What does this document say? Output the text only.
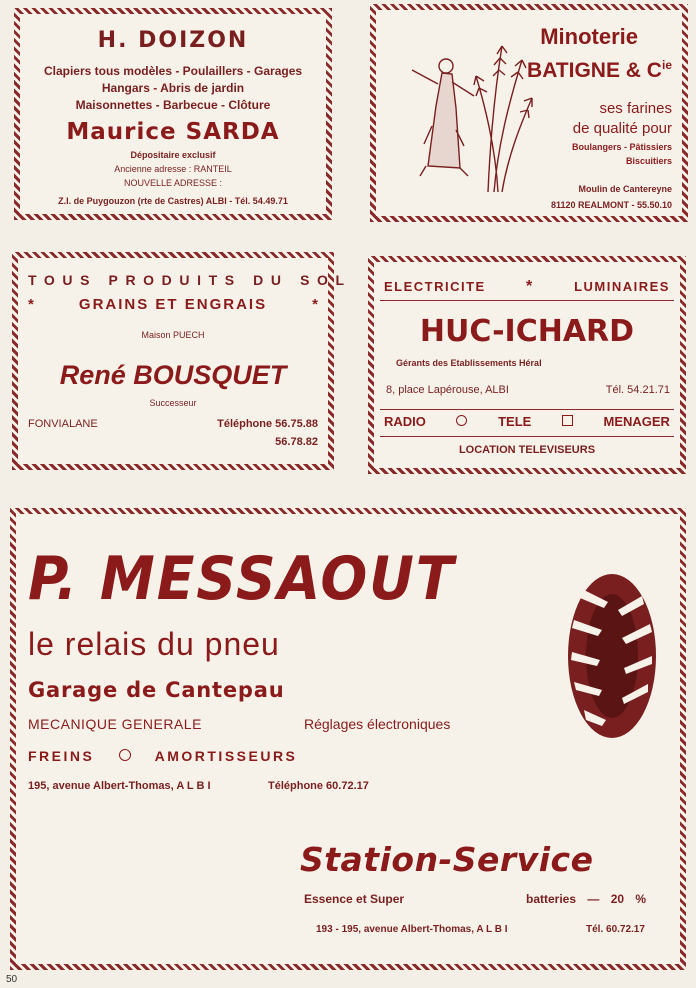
H. DOIZON
Clapiers tous modèles - Poulaillers - Garages
Hangars - Abris de jardin
Maisonnettes - Barbecue - Clôture
Maurice SARDA
Dépositaire exclusif
Ancienne adresse : RANTEIL
NOUVELLE ADRESSE :
Z.I. de Puygouzon (rte de Castres) ALBI - Tél. 54.49.71
Minoterie
BATIGNE & $C^{ie}$
ses farines
de qualité pour
Boulangers - Pâtissiers
Biscuitiers
Moulin de Cantereyne
81120 REALMONT - 55.50.10
TOUS PRODUITS DU SOL
*	GRAINS ET ENGRAIS	*
Maison PUECH
René BOUSQUET
Successeur
FONVIALANE	Téléphone 56.75.88
56.78.82
ELECTRICITE	*	LUMINAIRES
HUC-ICHARD
Gérants des Etablissements Héral
8, place Lapérouse, ALBI	Tél. 54.21.71
RADIO	TELE	MENAGER
LOCATION TELEVISEURS
P. MESSAOUT
le relais du pneu
Garage de Cantepau
MECANIQUE GENERALE	Réglages électroniques
FREINS	AMORTISSEURS
195, avenue Albert-Thomas, A L B I	Téléphone 60.72.17
Station-Service
Essence et Super	batteries — 20 %
193 - 195, avenue Albert-Thomas, A L B I	Tél. 60.72.17
50
